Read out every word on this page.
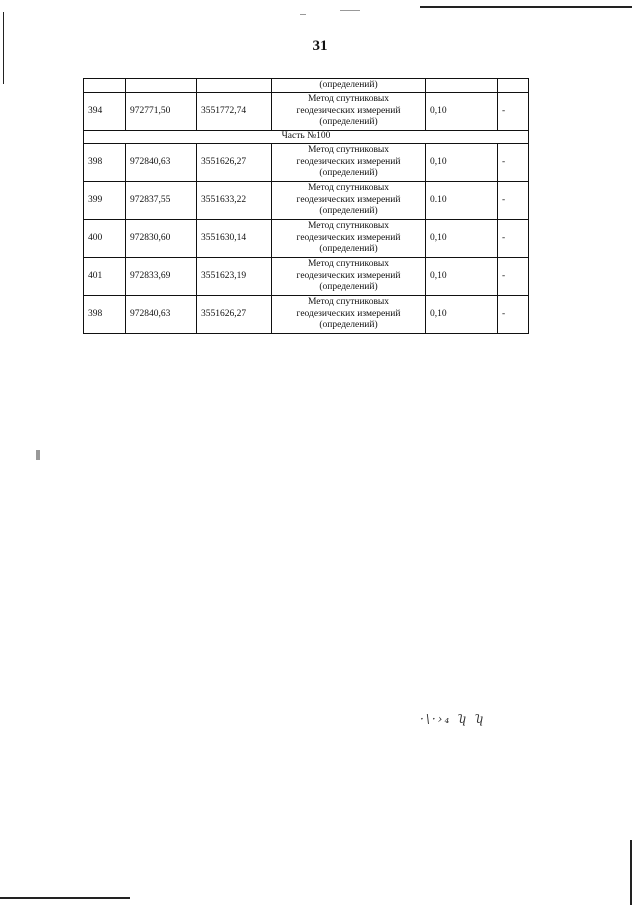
31
			(определений)		
394	972771,50	3551772,74	Метод спутниковых
геодезических измерений
(определений)	0,10	-
Часть №100					
398	972840,63	3551626,27	Метод спутниковых
геодезических измерений
(определений)	0,10	-
399	972837,55	3551633,22	Метод спутниковых
геодезических измерений
(определений)	0.10	-
400	972830,60	3551630,14	Метод спутниковых
геодезических измерений
(определений)	0,10	-
401	972833,69	3551623,19	Метод спутниковых
геодезических измерений
(определений)	0,10	-
398	972840,63	3551626,27	Метод спутниковых
геодезических измерений
(определений)	0,10	-
·\·›₄ ʮ ʮ
